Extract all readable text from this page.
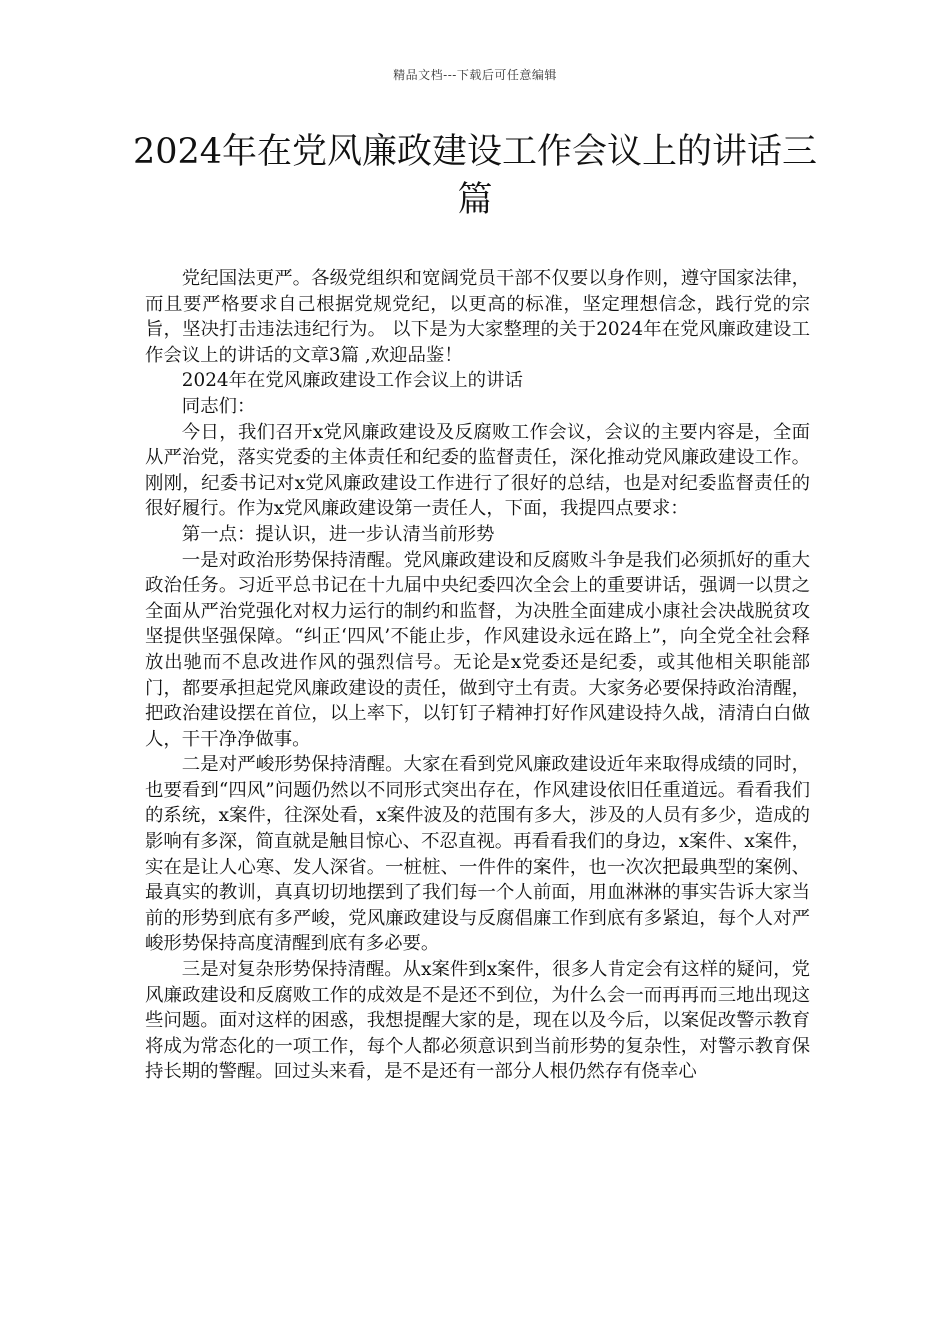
精品文档---下载后可任意编辑
2024年在党风廉政建设工作会议上的讲话三篇

党纪国法更严。各级党组织和宽阔党员干部不仅要以身作则，遵守国家法律，而且要严格要求自己根据党规党纪，以更高的标准，坚定理想信念，践行党的宗旨，坚决打击违法违纪行为。 以下是为大家整理的关于2024年在党风廉政建设工作会议上的讲话的文章3篇 ,欢迎品鉴！

2024年在党风廉政建设工作会议上的讲话

同志们：

今日，我们召开x党风廉政建设及反腐败工作会议，会议的主要内容是，全面从严治党，落实党委的主体责任和纪委的监督责任，深化推动党风廉政建设工作。刚刚，纪委书记对x党风廉政建设工作进行了很好的总结，也是对纪委监督责任的很好履行。作为x党风廉政建设第一责任人，下面，我提四点要求：

第一点：提认识，进一步认清当前形势

一是对政治形势保持清醒。党风廉政建设和反腐败斗争是我们必须抓好的重大政治任务。习近平总书记在十九届中央纪委四次全会上的重要讲话，强调一以贯之全面从严治党强化对权力运行的制约和监督，为决胜全面建成小康社会决战脱贫攻坚提供坚强保障。“纠正‘四风’不能止步，作风建设永远在路上”，向全党全社会释放出驰而不息改进作风的强烈信号。无论是x党委还是纪委，或其他相关职能部门，都要承担起党风廉政建设的责任，做到守土有责。大家务必要保持政治清醒，把政治建设摆在首位，以上率下，以钉钉子精神打好作风建设持久战，清清白白做人，干干净净做事。

二是对严峻形势保持清醒。大家在看到党风廉政建设近年来取得成绩的同时，也要看到“四风”问题仍然以不同形式突出存在，作风建设依旧任重道远。看看我们的系统，x案件，往深处看，x案件波及的范围有多大，涉及的人员有多少，造成的影响有多深，简直就是触目惊心、不忍直视。再看看我们的身边，x案件、x案件，实在是让人心寒、发人深省。一桩桩、一件件的案件，也一次次把最典型的案例、最真实的教训，真真切切地摆到了我们每一个人前面，用血淋淋的事实告诉大家当前的形势到底有多严峻，党风廉政建设与反腐倡廉工作到底有多紧迫，每个人对严峻形势保持高度清醒到底有多必要。

三是对复杂形势保持清醒。从x案件到x案件，很多人肯定会有这样的疑问，党风廉政建设和反腐败工作的成效是不是还不到位，为什么会一而再再而三地出现这些问题。面对这样的困惑，我想提醒大家的是，现在以及今后，以案促改警示教育将成为常态化的一项工作，每个人都必须意识到当前形势的复杂性，对警示教育保持长期的警醒。回过头来看，是不是还有一部分人根仍然存有侥幸心
